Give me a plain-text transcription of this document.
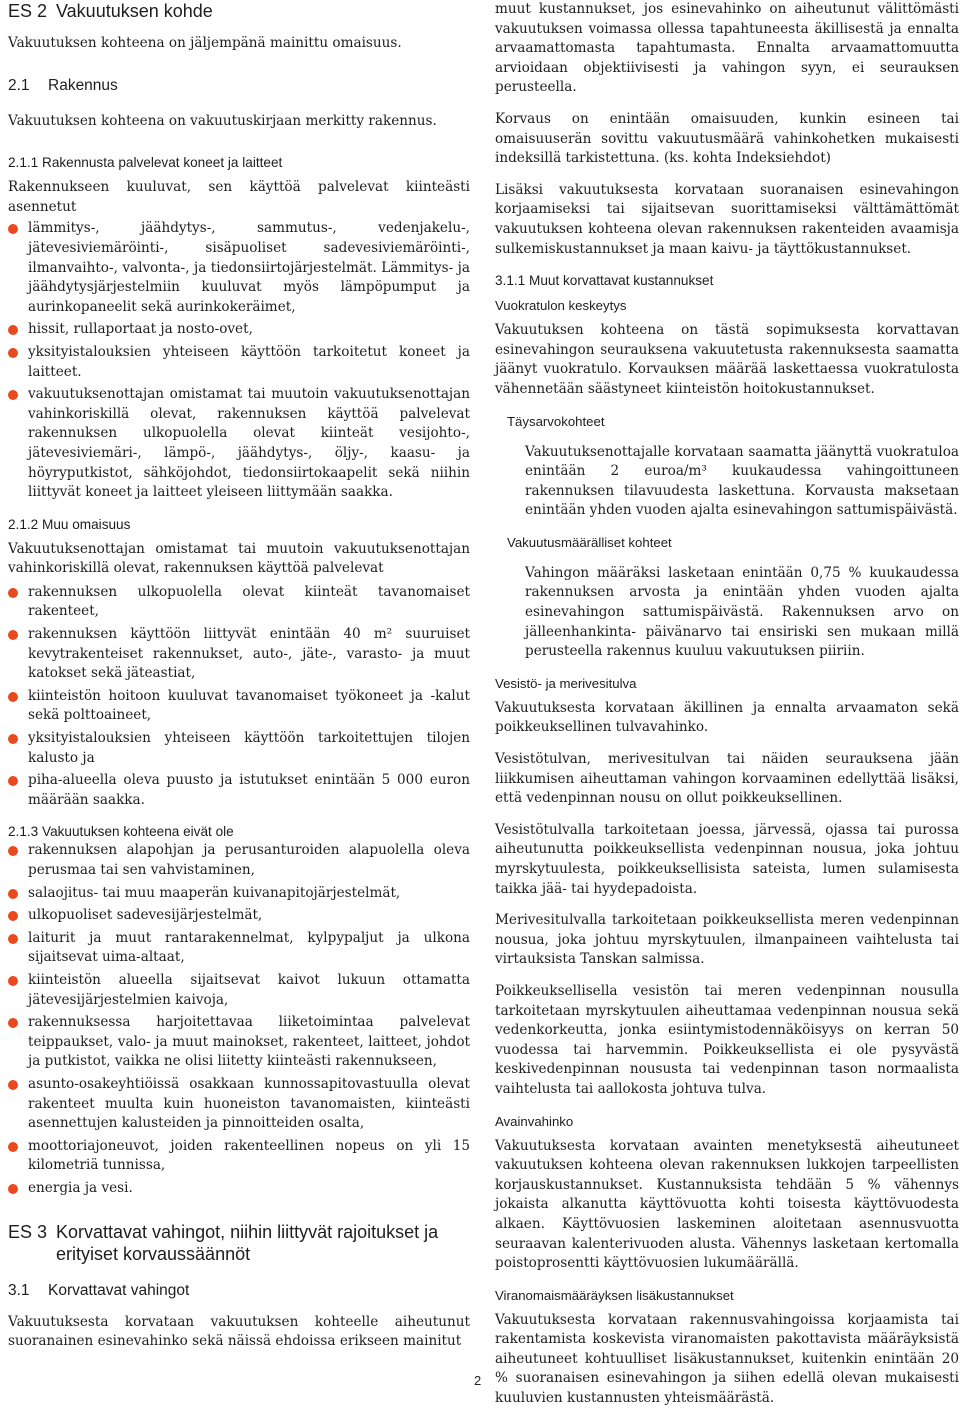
ES 2 Vakuutuksen kohde

Vakuutuksen kohteena on jäljempänä mainittu omaisuus.

2.1	Rakennus

Vakuutuksen kohteena on vakuutuskirjaan merkitty rakennus.

2.1.1 Rakennusta palvelevat koneet ja laitteet

Rakennukseen kuuluvat, sen käyttöä palvelevat kiinteästi asennetut

lämmitys-, jäähdytys-, sammutus-, vedenjakelu-, jätevesiviemäröinti-, sisäpuoliset sadevesiviemäröinti-, ilmanvaihto-, valvonta-, ja tiedonsiirtojärjestelmät. Lämmitys- ja jäähdytysjärjestelmiin kuuluvat myös lämpöpumput ja aurinkopaneelit sekä aurinkokeräimet,
hissit, rullaportaat ja nosto-ovet,
yksityistalouksien yhteiseen käyttöön tarkoitetut koneet ja laitteet.
vakuutuksenottajan omistamat tai muutoin vakuutuksenottajan vahinkoriskillä olevat, rakennuksen käyttöä palvelevat rakennuksen ulkopuolella olevat kiinteät vesijohto-, jätevesiviemäri-, lämpö-, jäähdytys-, öljy-, kaasu- ja höyryputkistot, sähköjohdot, tiedonsiirtokaapelit sekä niihin liittyvät koneet ja laitteet yleiseen liittymään saakka.
2.1.2 Muu omaisuus

Vakuutuksenottajan omistamat tai muutoin vakuutuksenottajan vahinkoriskillä olevat, rakennuksen käyttöä palvelevat

rakennuksen ulkopuolella olevat kiinteät tavanomaiset rakenteet,
rakennuksen käyttöön liittyvät enintään 40 m² suuruiset kevytrakenteiset rakennukset, auto-, jäte-, varasto- ja muut katokset sekä jäteastiat,
kiinteistön hoitoon kuuluvat tavanomaiset työkoneet ja -kalut sekä polttoaineet,
yksityistalouksien yhteiseen käyttöön tarkoitettujen tilojen kalusto ja
piha-alueella oleva puusto ja istutukset enintään 5 000 euron määrään saakka.
2.1.3 Vakuutuksen kohteena eivät ole
rakennuksen alapohjan ja perusanturoiden alapuolella oleva perusmaa tai sen vahvistaminen,
salaojitus- tai muu maaperän kuivanapitojärjestelmät,
ulkopuoliset sadevesijärjestelmät,
laiturit ja muut rantarakennelmat, kylpypaljut ja ulkona sijaitsevat uima-altaat,
kiinteistön alueella sijaitsevat kaivot lukuun ottamatta jätevesijärjestelmien kaivoja,
rakennuksessa harjoitettavaa liiketoimintaa palvelevat teippaukset, valo- ja muut mainokset, rakenteet, laitteet, johdot ja putkistot, vaikka ne olisi liitetty kiinteästi rakennukseen,
asunto-osakeyhtiöissä osakkaan kunnossapitovastuulla olevat rakenteet muulta kuin huoneiston tavanomaisten, kiinteästi asennettujen kalusteiden ja pinnoitteiden osalta,
moottoriajoneuvot, joiden rakenteellinen nopeus on yli 15 kilometriä tunnissa,
energia ja vesi.
ES 3 Korvattavat vahingot, niihin liittyvät rajoitukset ja erityiset korvaussäännöt
3.1	Korvattavat vahingot

Vakuutuksesta korvataan vakuutuksen kohteelle aiheutunut suoranainen esinevahinko sekä näissä ehdoissa erikseen mainitut

muut kustannukset, jos esinevahinko on aiheutunut välittömästi vakuutuksen voimassa ollessa tapahtuneesta äkillisestä ja ennalta arvaamattomasta tapahtumasta. Ennalta arvaamattomuutta arvioidaan objektiivisesti ja vahingon syyn, ei seurauksen perusteella.

Korvaus on enintään omaisuuden, kunkin esineen tai omaisuuserän sovittu vakuutusmäärä vahinkohetken mukaisesti indeksillä tarkistettuna. (ks. kohta Indeksiehdot)

Lisäksi vakuutuksesta korvataan suoranaisen esinevahingon korjaamiseksi tai sijaitsevan suorittamiseksi välttämättömät vakuutuksen kohteena olevan rakennuksen rakenteiden avaamisja sulkemiskustannukset ja maan kaivu- ja täyttökustannukset.

3.1.1 Muut korvattavat kustannukset
Vuokratulon keskeytys

Vakuutuksen kohteena on tästä sopimuksesta korvattavan esinevahingon seurauksena vakuutetusta rakennuksesta saamatta jäänyt vuokratulo. Korvauksen määrää laskettaessa vuokratulosta vähennetään säästyneet kiinteistön hoitokustannukset.

Täysarvokohteet

Vakuutuksenottajalle korvataan saamatta jäänyttä vuokratuloa enintään 2 euroa/m³ kuukaudessa vahingoittuneen rakennuksen tilavuudesta laskettuna. Korvausta maksetaan enintään yhden vuoden ajalta esinevahingon sattumispäivästä.

Vakuutusmäärälliset kohteet

Vahingon määräksi lasketaan enintään 0,75 % kuukaudessa rakennuksen arvosta ja enintään yhden vuoden ajalta esinevahingon sattumispäivästä. Rakennuksen arvo on jälleenhankinta- päivänarvo tai ensiriski sen mukaan millä perusteella rakennus kuuluu vakuutuksen piiriin.

Vesistö- ja merivesitulva

Vakuutuksesta korvataan äkillinen ja ennalta arvaamaton sekä poikkeuksellinen tulvavahinko.

Vesistötulvan, merivesitulvan tai näiden seurauksena jään liikkumisen aiheuttaman vahingon korvaaminen edellyttää lisäksi, että vedenpinnan nousu on ollut poikkeuksellinen.

Vesistötulvalla tarkoitetaan joessa, järvessä, ojassa tai purossa aiheutunutta poikkeuksellista vedenpinnan nousua, joka johtuu myrskytuulesta, poikkeuksellisista sateista, lumen sulamisesta taikka jää- tai hyydepadoista.

Merivesitulvalla tarkoitetaan poikkeuksellista meren vedenpinnan nousua, joka johtuu myrskytuulen, ilmanpaineen vaihtelusta tai virtauksista Tanskan salmissa.

Poikkeuksellisella vesistön tai meren vedenpinnan nousulla tarkoitetaan myrskytuulen aiheuttamaa vedenpinnan nousua sekä vedenkorkeutta, jonka esiintymistodennäköisyys on kerran 50 vuodessa tai harvemmin. Poikkeuksellista ei ole pysyvästä keskivedenpinnan noususta tai vedenpinnan tason normaalista vaihtelusta tai aallokosta johtuva tulva.

Avainvahinko

Vakuutuksesta korvataan avainten menetyksestä aiheutuneet vakuutuksen kohteena olevan rakennuksen lukkojen tarpeellisten korjauskustannukset. Kustannuksista tehdään 5 % vähennys jokaista alkanutta käyttövuotta kohti toisesta käyttövuodesta alkaen. Käyttövuosien laskeminen aloitetaan asennusvuotta seuraavan kalenterivuoden alusta. Vähennys lasketaan kertomalla poistoprosentti käyttövuosien lukumäärällä.

Viranomaismääräyksen lisäkustannukset

Vakuutuksesta korvataan rakennusvahingoissa korjaamista tai rakentamista koskevista viranomaisten pakottavista määräyksistä aiheutuneet kohtuulliset lisäkustannukset, kuitenkin enintään 20 % suoranaisen esinevahingon ja siihen edellä olevan mukaisesti kuuluvien kustannusten yhteismäärästä.

2
